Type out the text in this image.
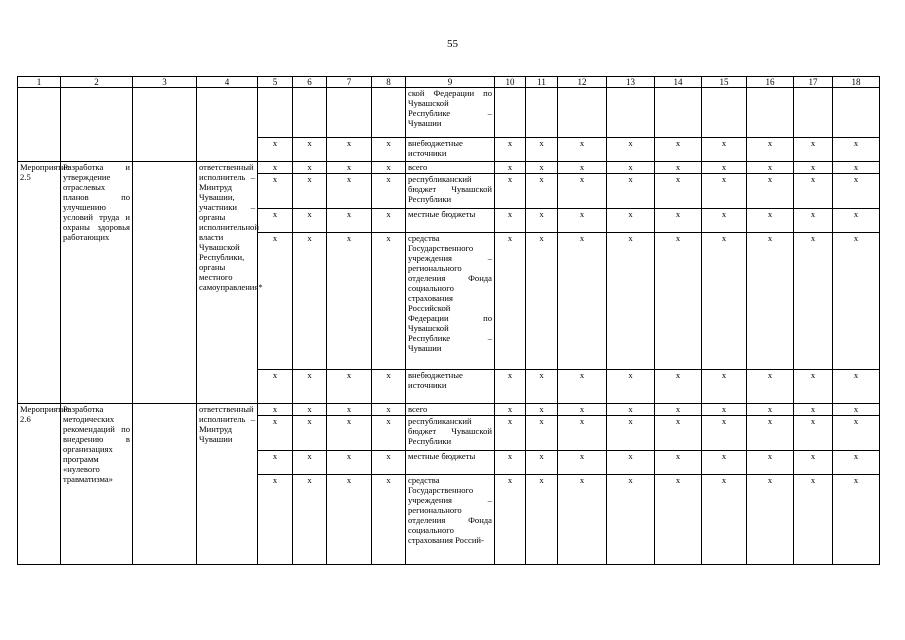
55
1	2	3	4	5	6	7	8	9	10	11	12	13	14	15	16	17	18
								ской Федерации по Чувашской Республике – Чувашии									
				x	x	x	x	внебюджетные источники	x	x	x	x	x	x	x	x	x
Мероприятие 2.5	Разработка и утверждение отраслевых планов по улучшению условий труда и охраны здоровья работающих		ответственный исполнитель – Минтруд Чувашии, участники – органы исполнительной власти Чувашской Республики, органы местного самоуправления*	x	x	x	x	всего	x	x	x	x	x	x	x	x	x
				x	x	x	x	республиканский бюджет Чувашской Республики	x	x	x	x	x	x	x	x	x
				x	x	x	x	местные бюджеты	x	x	x	x	x	x	x	x	x
				x	x	x	x	средства Государственного учреждения – регионального отделения Фонда социального страхования Российской Федерации по Чувашской Республике – Чувашии	x	x	x	x	x	x	x	x	x
				x	x	x	x	внебюджетные источники	x	x	x	x	x	x	x	x	x
Мероприятие 2.6	Разработка методических рекомендаций по внедрению в организациях программ «нулевого травматизма»		ответственный исполнитель – Минтруд Чувашии	x	x	x	x	всего	x	x	x	x	x	x	x	x	x
				x	x	x	x	республиканский бюджет Чувашской Республики	x	x	x	x	x	x	x	x	x
				x	x	x	x	местные бюджеты	x	x	x	x	x	x	x	x	x
				x	x	x	x	средства Государственного учреждения – регионального отделения Фонда социального страхования Россий-	x	x	x	x	x	x	x	x	x
